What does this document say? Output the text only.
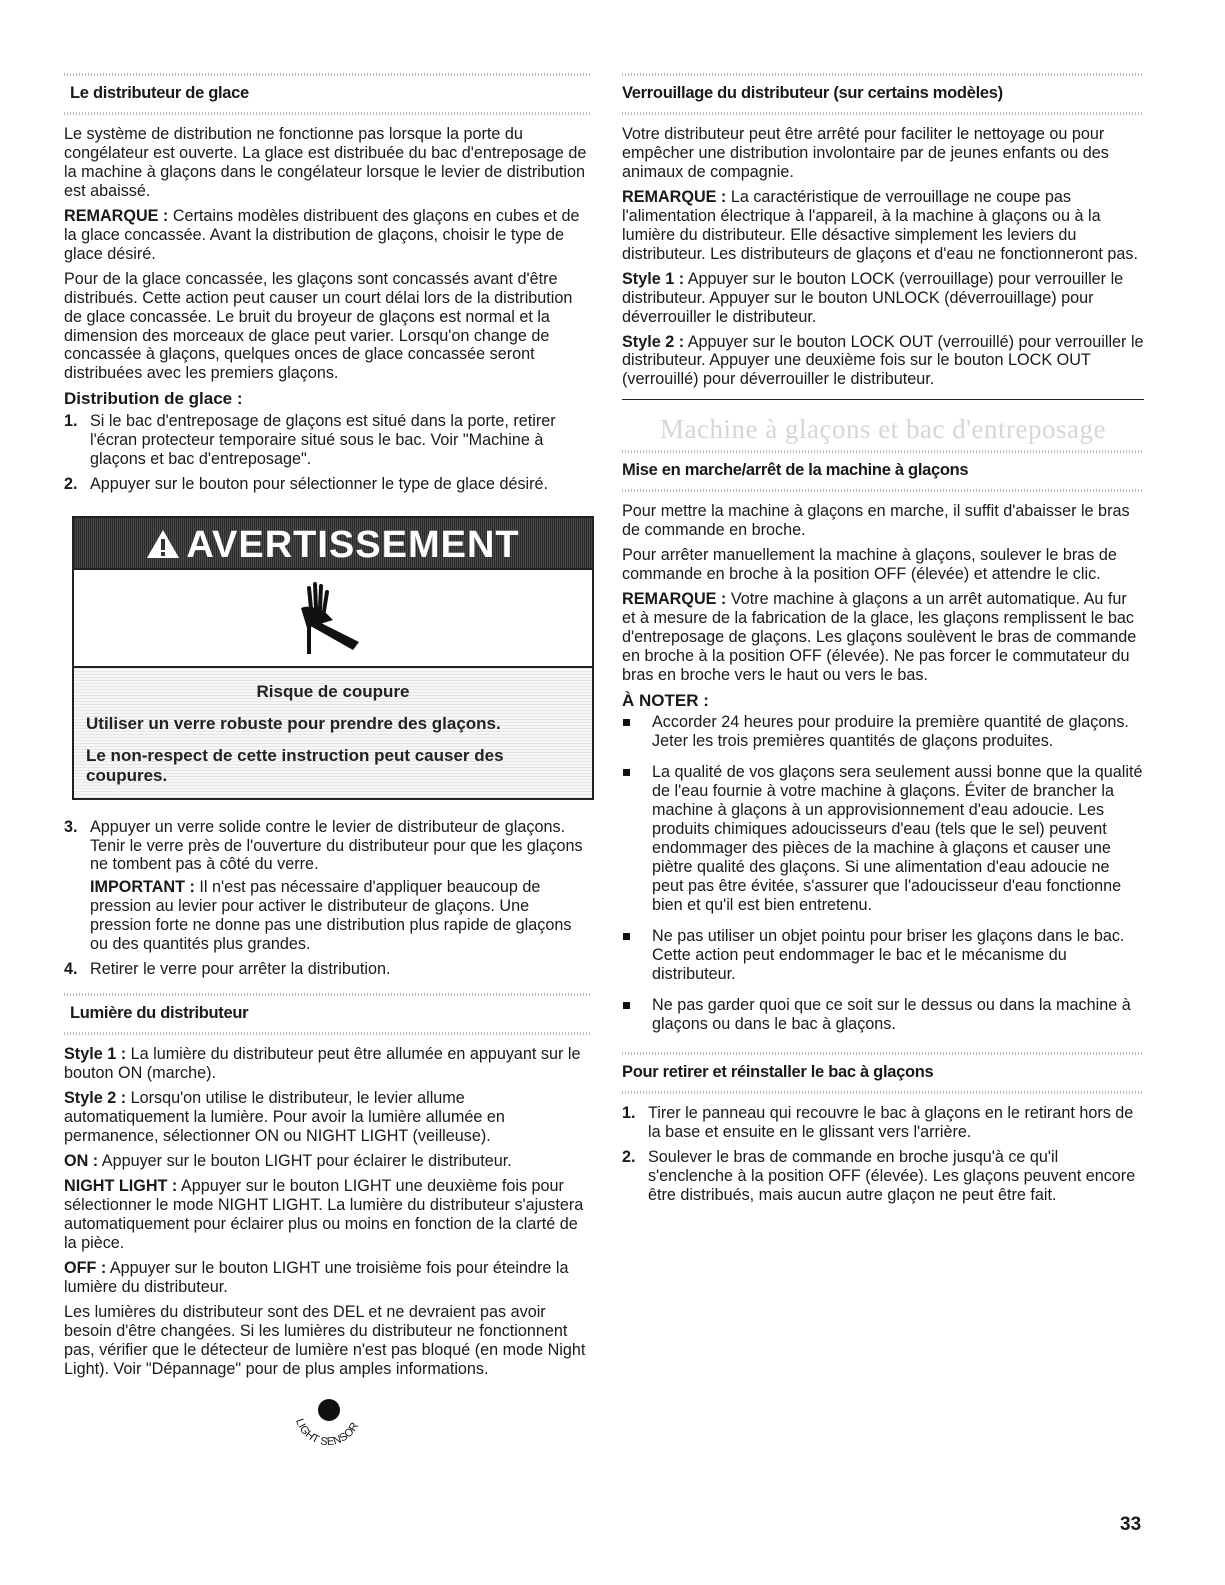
Le distributeur de glace

Le système de distribution ne fonctionne pas lorsque la porte du congélateur est ouverte. La glace est distribuée du bac d'entreposage de la machine à glaçons dans le congélateur lorsque le levier de distribution est abaissé.

REMARQUE : Certains modèles distribuent des glaçons en cubes et de la glace concassée. Avant la distribution de glaçons, choisir le type de glace désiré.

Pour de la glace concassée, les glaçons sont concassés avant d'être distribués. Cette action peut causer un court délai lors de la distribution de glace concassée. Le bruit du broyeur de glaçons est normal et la dimension des morceaux de glace peut varier. Lorsqu'on change de concassée à glaçons, quelques onces de glace concassée seront distribuées avec les premiers glaçons.

Distribution de glace :
1. Si le bac d'entreposage de glaçons est situé dans la porte, retirer l'écran protecteur temporaire situé sous le bac. Voir "Machine à glaçons et bac d'entreposage".
2. Appuyer sur le bouton pour sélectionner le type de glace désiré.
AVERTISSEMENT
Risque de coupure

Utiliser un verre robuste pour prendre des glaçons.

Le non-respect de cette instruction peut causer des coupures.

3. Appuyer un verre solide contre le levier de distributeur de glaçons. Tenir le verre près de l'ouverture du distributeur pour que les glaçons ne tombent pas à côté du verre.

IMPORTANT : Il n'est pas nécessaire d'appliquer beaucoup de pression au levier pour activer le distributeur de glaçons. Une pression forte ne donne pas une distribution plus rapide de glaçons ou des quantités plus grandes.

4. Retirer le verre pour arrêter la distribution.
Lumière du distributeur

Style 1 : La lumière du distributeur peut être allumée en appuyant sur le bouton ON (marche).

Style 2 : Lorsqu'on utilise le distributeur, le levier allume automatiquement la lumière. Pour avoir la lumière allumée en permanence, sélectionner ON ou NIGHT LIGHT (veilleuse).

ON : Appuyer sur le bouton LIGHT pour éclairer le distributeur.

NIGHT LIGHT : Appuyer sur le bouton LIGHT une deuxième fois pour sélectionner le mode NIGHT LIGHT. La lumière du distributeur s'ajustera automatiquement pour éclairer plus ou moins en fonction de la clarté de la pièce.

OFF : Appuyer sur le bouton LIGHT une troisième fois pour éteindre la lumière du distributeur.

Les lumières du distributeur sont des DEL et ne devraient pas avoir besoin d'être changées. Si les lumières du distributeur ne fonctionnent pas, vérifier que le détecteur de lumière n'est pas bloqué (en mode Night Light). Voir "Dépannage" pour de plus amples informations.

LIGHT SENSOR
Verrouillage du distributeur (sur certains modèles)

Votre distributeur peut être arrêté pour faciliter le nettoyage ou pour empêcher une distribution involontaire par de jeunes enfants ou des animaux de compagnie.

REMARQUE : La caractéristique de verrouillage ne coupe pas l'alimentation électrique à l'appareil, à la machine à glaçons ou à la lumière du distributeur. Elle désactive simplement les leviers du distributeur. Les distributeurs de glaçons et d'eau ne fonctionneront pas.

Style 1 : Appuyer sur le bouton LOCK (verrouillage) pour verrouiller le distributeur. Appuyer sur le bouton UNLOCK (déverrouillage) pour déverrouiller le distributeur.

Style 2 : Appuyer sur le bouton LOCK OUT (verrouillé) pour verrouiller le distributeur. Appuyer une deuxième fois sur le bouton LOCK OUT (verrouillé) pour déverrouiller le distributeur.

Machine à glaçons et bac d'entreposage
Mise en marche/arrêt de la machine à glaçons

Pour mettre la machine à glaçons en marche, il suffit d'abaisser le bras de commande en broche.

Pour arrêter manuellement la machine à glaçons, soulever le bras de commande en broche à la position OFF (élevée) et attendre le clic.

REMARQUE : Votre machine à glaçons a un arrêt automatique. Au fur et à mesure de la fabrication de la glace, les glaçons remplissent le bac d'entreposage de glaçons. Les glaçons soulèvent le bras de commande en broche à la position OFF (élevée). Ne pas forcer le commutateur du bras en broche vers le haut ou vers le bas.

À NOTER :
Accorder 24 heures pour produire la première quantité de glaçons. Jeter les trois premières quantités de glaçons produites.
La qualité de vos glaçons sera seulement aussi bonne que la qualité de l'eau fournie à votre machine à glaçons. Éviter de brancher la machine à glaçons à un approvisionnement d'eau adoucie. Les produits chimiques adoucisseurs d'eau (tels que le sel) peuvent endommager des pièces de la machine à glaçons et causer une piètre qualité des glaçons. Si une alimentation d'eau adoucie ne peut pas être évitée, s'assurer que l'adoucisseur d'eau fonctionne bien et qu'il est bien entretenu.
Ne pas utiliser un objet pointu pour briser les glaçons dans le bac. Cette action peut endommager le bac et le mécanisme du distributeur.
Ne pas garder quoi que ce soit sur le dessus ou dans la machine à glaçons ou dans le bac à glaçons.
Pour retirer et réinstaller le bac à glaçons
1. Tirer le panneau qui recouvre le bac à glaçons en le retirant hors de la base et ensuite en le glissant vers l'arrière.
2. Soulever le bras de commande en broche jusqu'à ce qu'il s'enclenche à la position OFF (élevée). Les glaçons peuvent encore être distribués, mais aucun autre glaçon ne peut être fait.
33
